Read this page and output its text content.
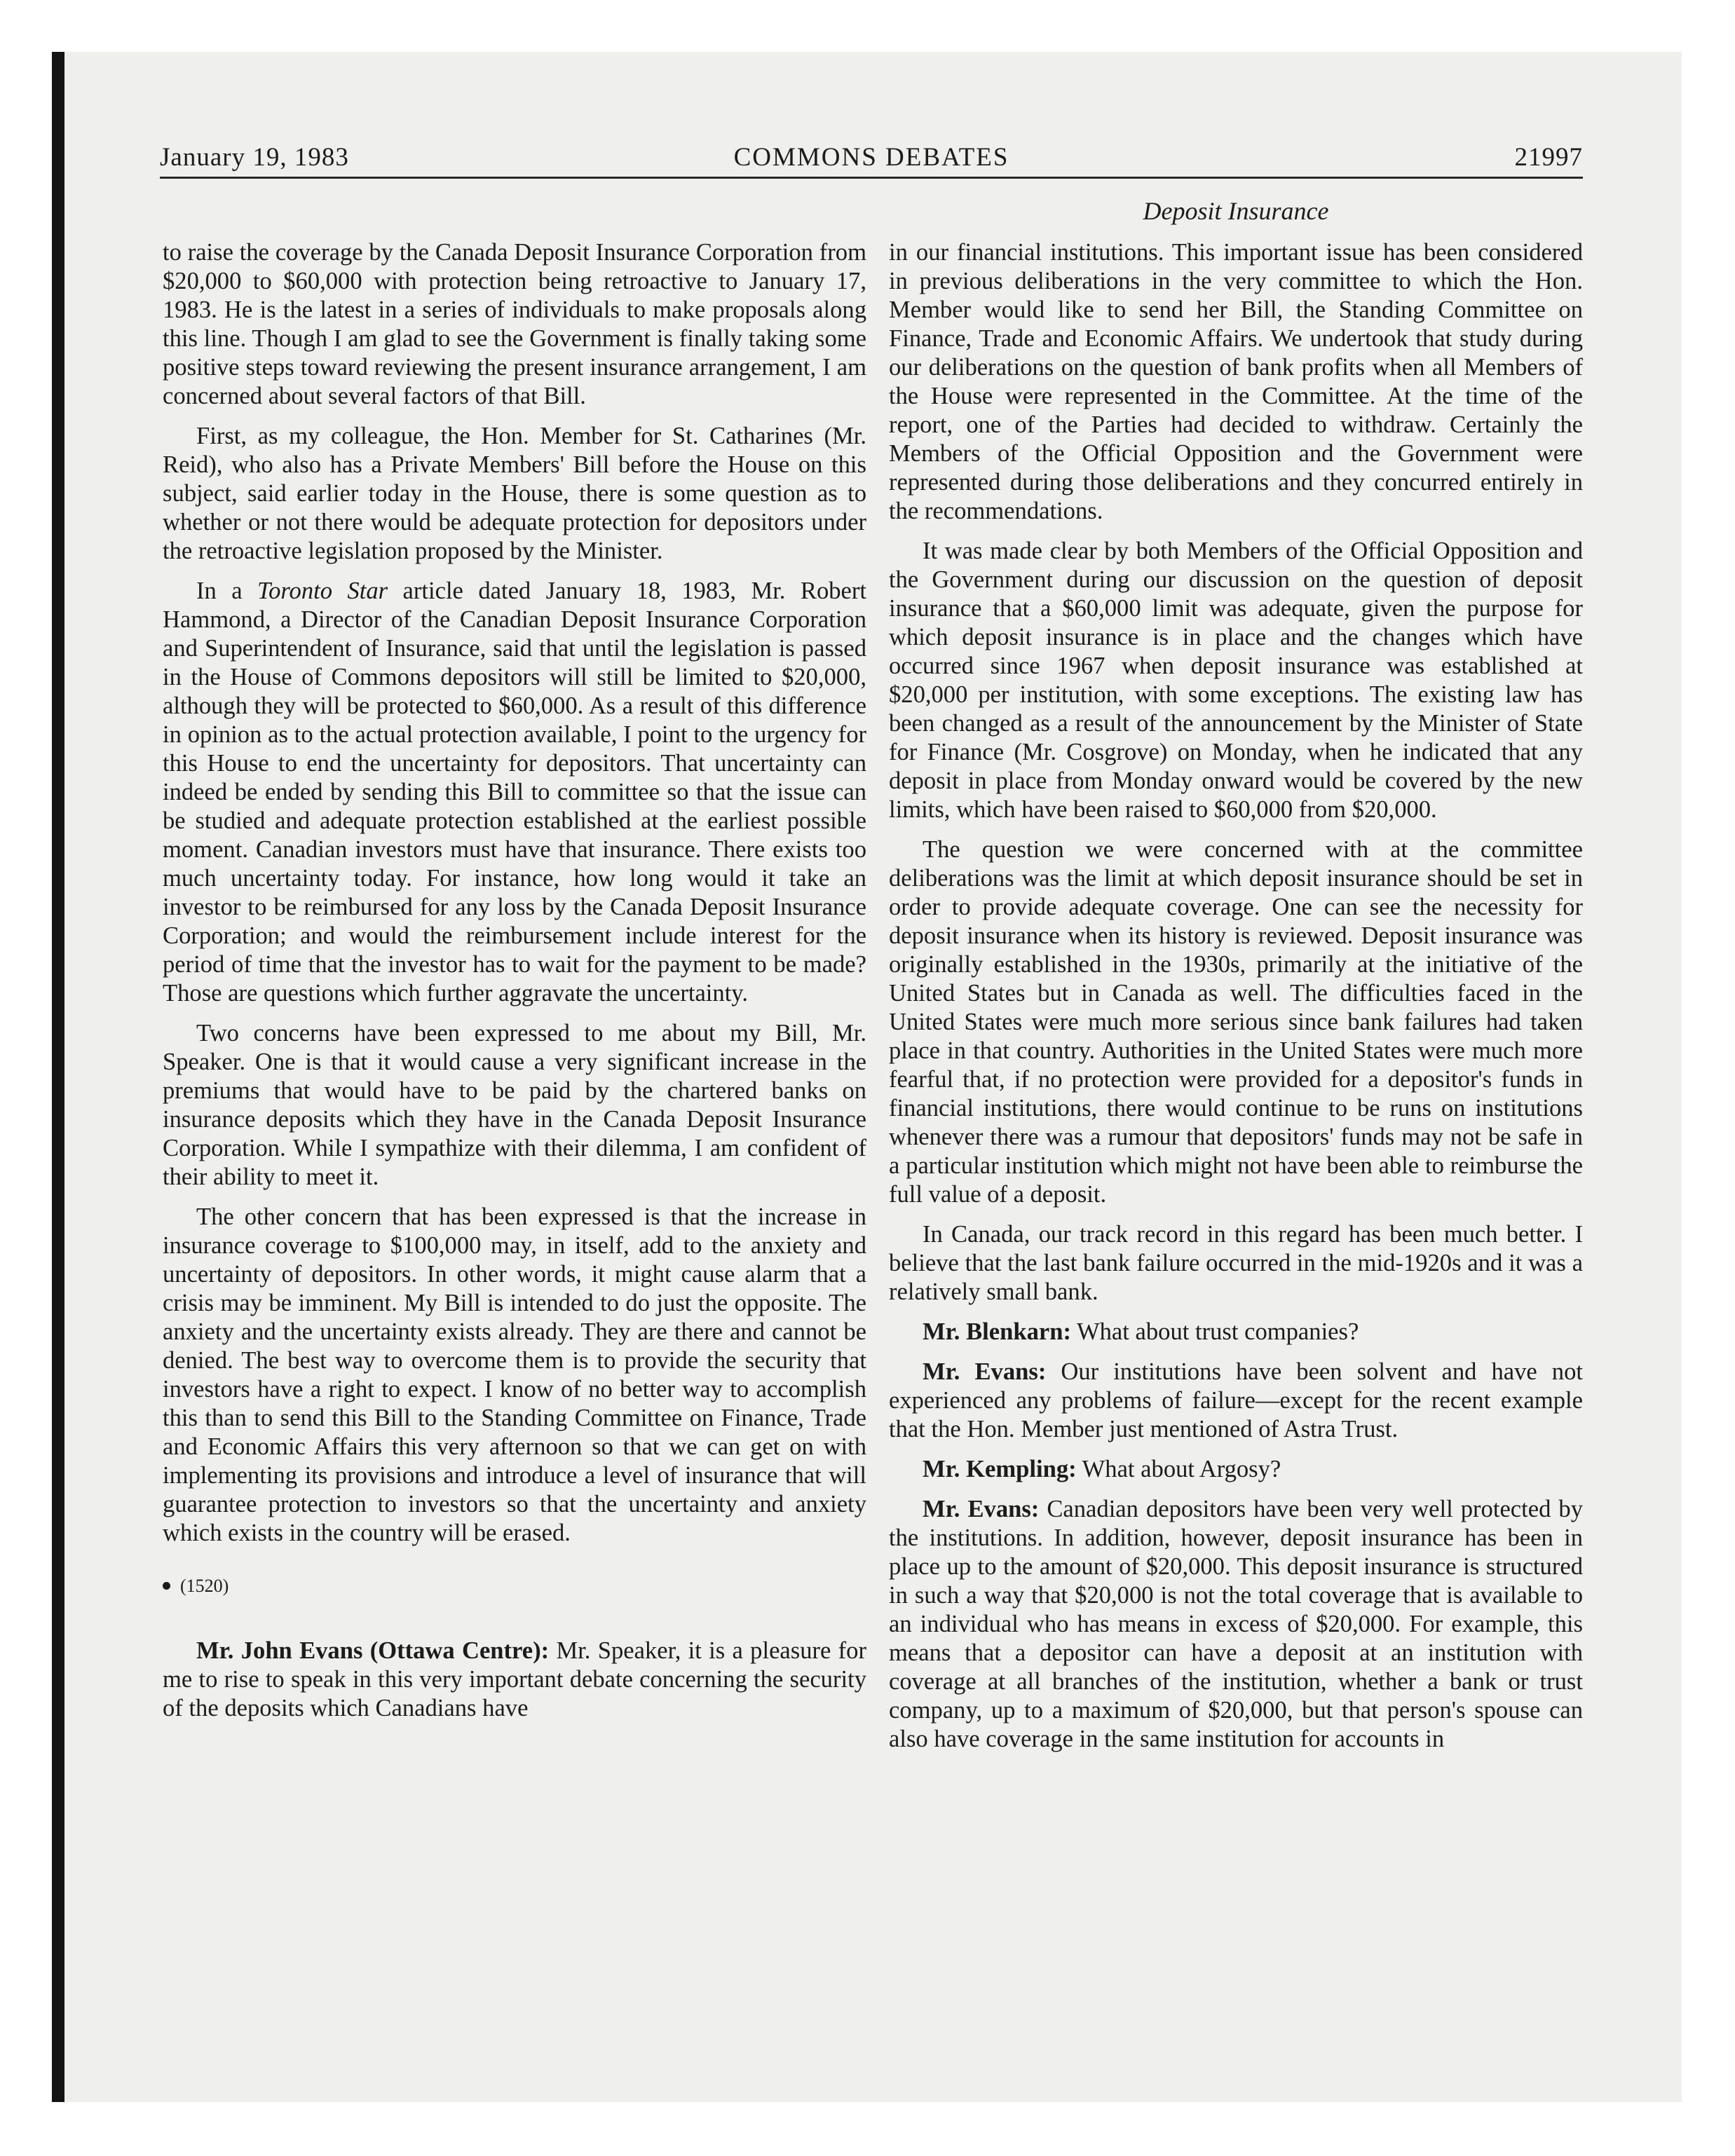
January 19, 1983	COMMONS DEBATES	21997
Deposit Insurance

to raise the coverage by the Canada Deposit Insurance Corporation from $20,000 to $60,000 with protection being retroactive to January 17, 1983. He is the latest in a series of individuals to make proposals along this line. Though I am glad to see the Government is finally taking some positive steps toward reviewing the present insurance arrangement, I am concerned about several factors of that Bill.

First, as my colleague, the Hon. Member for St. Catharines (Mr. Reid), who also has a Private Members' Bill before the House on this subject, said earlier today in the House, there is some question as to whether or not there would be adequate protection for depositors under the retroactive legislation proposed by the Minister.

In a Toronto Star article dated January 18, 1983, Mr. Robert Hammond, a Director of the Canadian Deposit Insurance Corporation and Superintendent of Insurance, said that until the legislation is passed in the House of Commons depositors will still be limited to $20,000, although they will be protected to $60,000. As a result of this difference in opinion as to the actual protection available, I point to the urgency for this House to end the uncertainty for depositors. That uncertainty can indeed be ended by sending this Bill to committee so that the issue can be studied and adequate protection established at the earliest possible moment. Canadian investors must have that insurance. There exists too much uncertainty today. For instance, how long would it take an investor to be reimbursed for any loss by the Canada Deposit Insurance Corporation; and would the reimbursement include interest for the period of time that the investor has to wait for the payment to be made? Those are questions which further aggravate the uncertainty.

Two concerns have been expressed to me about my Bill, Mr. Speaker. One is that it would cause a very significant increase in the premiums that would have to be paid by the chartered banks on insurance deposits which they have in the Canada Deposit Insurance Corporation. While I sympathize with their dilemma, I am confident of their ability to meet it.

The other concern that has been expressed is that the increase in insurance coverage to $100,000 may, in itself, add to the anxiety and uncertainty of depositors. In other words, it might cause alarm that a crisis may be imminent. My Bill is intended to do just the opposite. The anxiety and the uncertainty exists already. They are there and cannot be denied. The best way to overcome them is to provide the security that investors have a right to expect. I know of no better way to accomplish this than to send this Bill to the Standing Committee on Finance, Trade and Economic Affairs this very afternoon so that we can get on with implementing its provisions and introduce a level of insurance that will guarantee protection to investors so that the uncertainty and anxiety which exists in the country will be erased.

(1520)

Mr. John Evans (Ottawa Centre): Mr. Speaker, it is a pleasure for me to rise to speak in this very important debate concerning the security of the deposits which Canadians have

in our financial institutions. This important issue has been considered in previous deliberations in the very committee to which the Hon. Member would like to send her Bill, the Standing Committee on Finance, Trade and Economic Affairs. We undertook that study during our deliberations on the question of bank profits when all Members of the House were represented in the Committee. At the time of the report, one of the Parties had decided to withdraw. Certainly the Members of the Official Opposition and the Government were represented during those deliberations and they concurred entirely in the recommendations.

It was made clear by both Members of the Official Opposition and the Government during our discussion on the question of deposit insurance that a $60,000 limit was adequate, given the purpose for which deposit insurance is in place and the changes which have occurred since 1967 when deposit insurance was established at $20,000 per institution, with some exceptions. The existing law has been changed as a result of the announcement by the Minister of State for Finance (Mr. Cosgrove) on Monday, when he indicated that any deposit in place from Monday onward would be covered by the new limits, which have been raised to $60,000 from $20,000.

The question we were concerned with at the committee deliberations was the limit at which deposit insurance should be set in order to provide adequate coverage. One can see the necessity for deposit insurance when its history is reviewed. Deposit insurance was originally established in the 1930s, primarily at the initiative of the United States but in Canada as well. The difficulties faced in the United States were much more serious since bank failures had taken place in that country. Authorities in the United States were much more fearful that, if no protection were provided for a depositor's funds in financial institutions, there would continue to be runs on institutions whenever there was a rumour that depositors' funds may not be safe in a particular institution which might not have been able to reimburse the full value of a deposit.

In Canada, our track record in this regard has been much better. I believe that the last bank failure occurred in the mid-1920s and it was a relatively small bank.

Mr. Blenkarn: What about trust companies?

Mr. Evans: Our institutions have been solvent and have not experienced any problems of failure—except for the recent example that the Hon. Member just mentioned of Astra Trust.

Mr. Kempling: What about Argosy?

Mr. Evans: Canadian depositors have been very well protected by the institutions. In addition, however, deposit insurance has been in place up to the amount of $20,000. This deposit insurance is structured in such a way that $20,000 is not the total coverage that is available to an individual who has means in excess of $20,000. For example, this means that a depositor can have a deposit at an institution with coverage at all branches of the institution, whether a bank or trust company, up to a maximum of $20,000, but that person's spouse can also have coverage in the same institution for accounts in
